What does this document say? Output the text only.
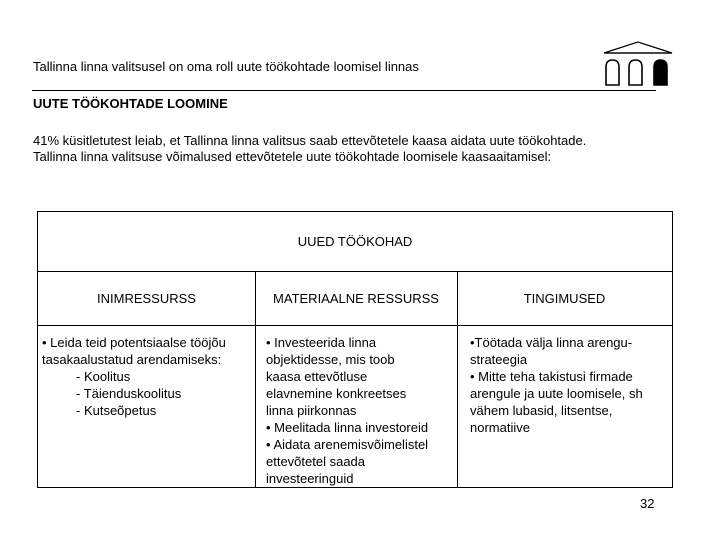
Tallinna linna valitsusel on oma roll uute töökohtade loomisel linnas
UUTE TÖÖKOHTADE LOOMINE

41% küsitletutest leiab, et Tallinna linna valitsus saab ettevõtetele kaasa aidata uute töökohtade.

Tallinna linna valitsuse võimalused ettevõtetele uute töökohtade loomisele kaasaaitamisel:

UUED TÖÖKOHAD
INIMRESSURSS	MATERIAALNE RESSURSS	TINGIMUSED
• Leida teid potentsiaalse tööjõu
tasakaalustatud arendamiseks:
- Koolitus
- Täienduskoolitus
- Kutseõpetus
• Investeerida linna
objektidesse, mis toob
kaasa ettevõtluse
elavnemine konkreetses
linna piirkonnas
• Meelitada linna investoreid
• Aidata arenemisvõimelistel
ettevõtetel saada
investeeringuid
•Töötada välja linna arengu-
strateegia
• Mitte teha takistusi firmade
arengule ja uute loomisele, sh
vähem lubasid, litsentse,
normatiive
32
